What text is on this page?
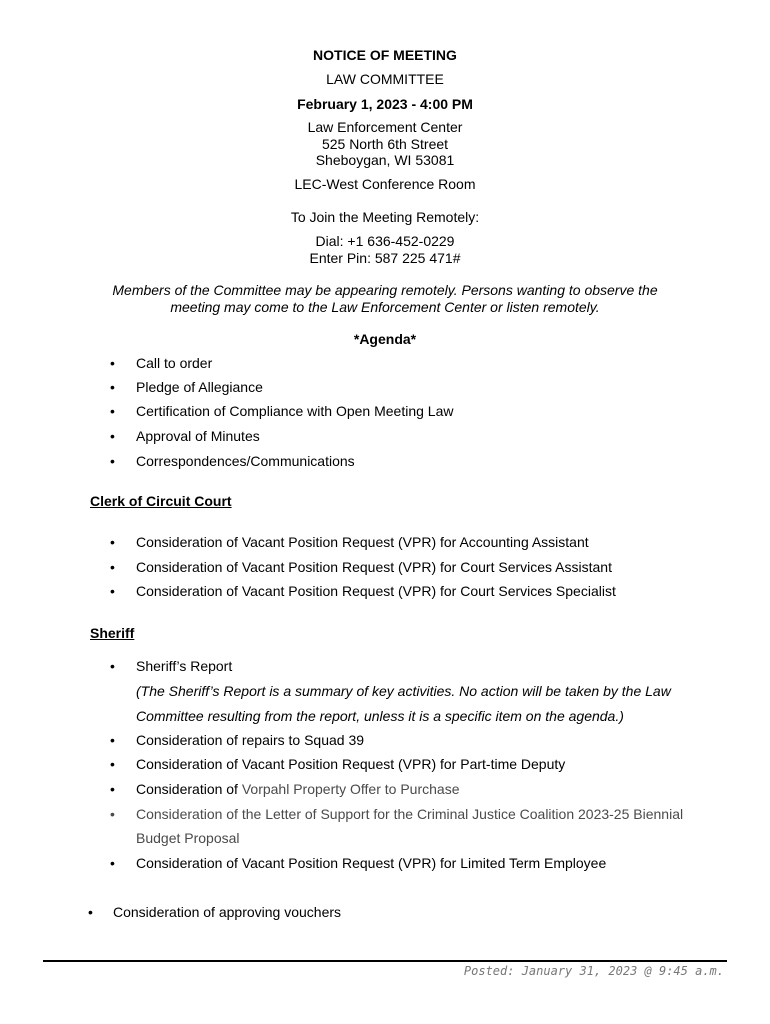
NOTICE OF MEETING
LAW COMMITTEE
February 1, 2023 - 4:00 PM
Law Enforcement Center
525 North 6th Street
Sheboygan, WI 53081
LEC-West Conference Room
To Join the Meeting Remotely:
Dial: +1 636-452-0229
Enter Pin: 587 225 471#
Members of the Committee may be appearing remotely. Persons wanting to observe the
meeting may come to the Law Enforcement Center or listen remotely.
*Agenda*
•	Call to order
•	Pledge of Allegiance
•	Certification of Compliance with Open Meeting Law
•	Approval of Minutes
•	Correspondences/Communications
Clerk of Circuit Court
•	Consideration of Vacant Position Request (VPR) for Accounting Assistant
•	Consideration of Vacant Position Request (VPR) for Court Services Assistant
•	Consideration of Vacant Position Request (VPR) for Court Services Specialist
Sheriff
•	Sheriff’s Report
(The Sheriff’s Report is a summary of key activities. No action will be taken by the Law
Committee resulting from the report, unless it is a specific item on the agenda.)
•	Consideration of repairs to Squad 39
•	Consideration of Vacant Position Request (VPR) for Part-time Deputy
•	Consideration of Vorpahl Property Offer to Purchase
•	Consideration of the Letter of Support for the Criminal Justice Coalition 2023-25 Biennial
Budget Proposal
•	Consideration of Vacant Position Request (VPR) for Limited Term Employee
•	Consideration of approving vouchers
Posted: January 31, 2023 @ 9:45 a.m.
